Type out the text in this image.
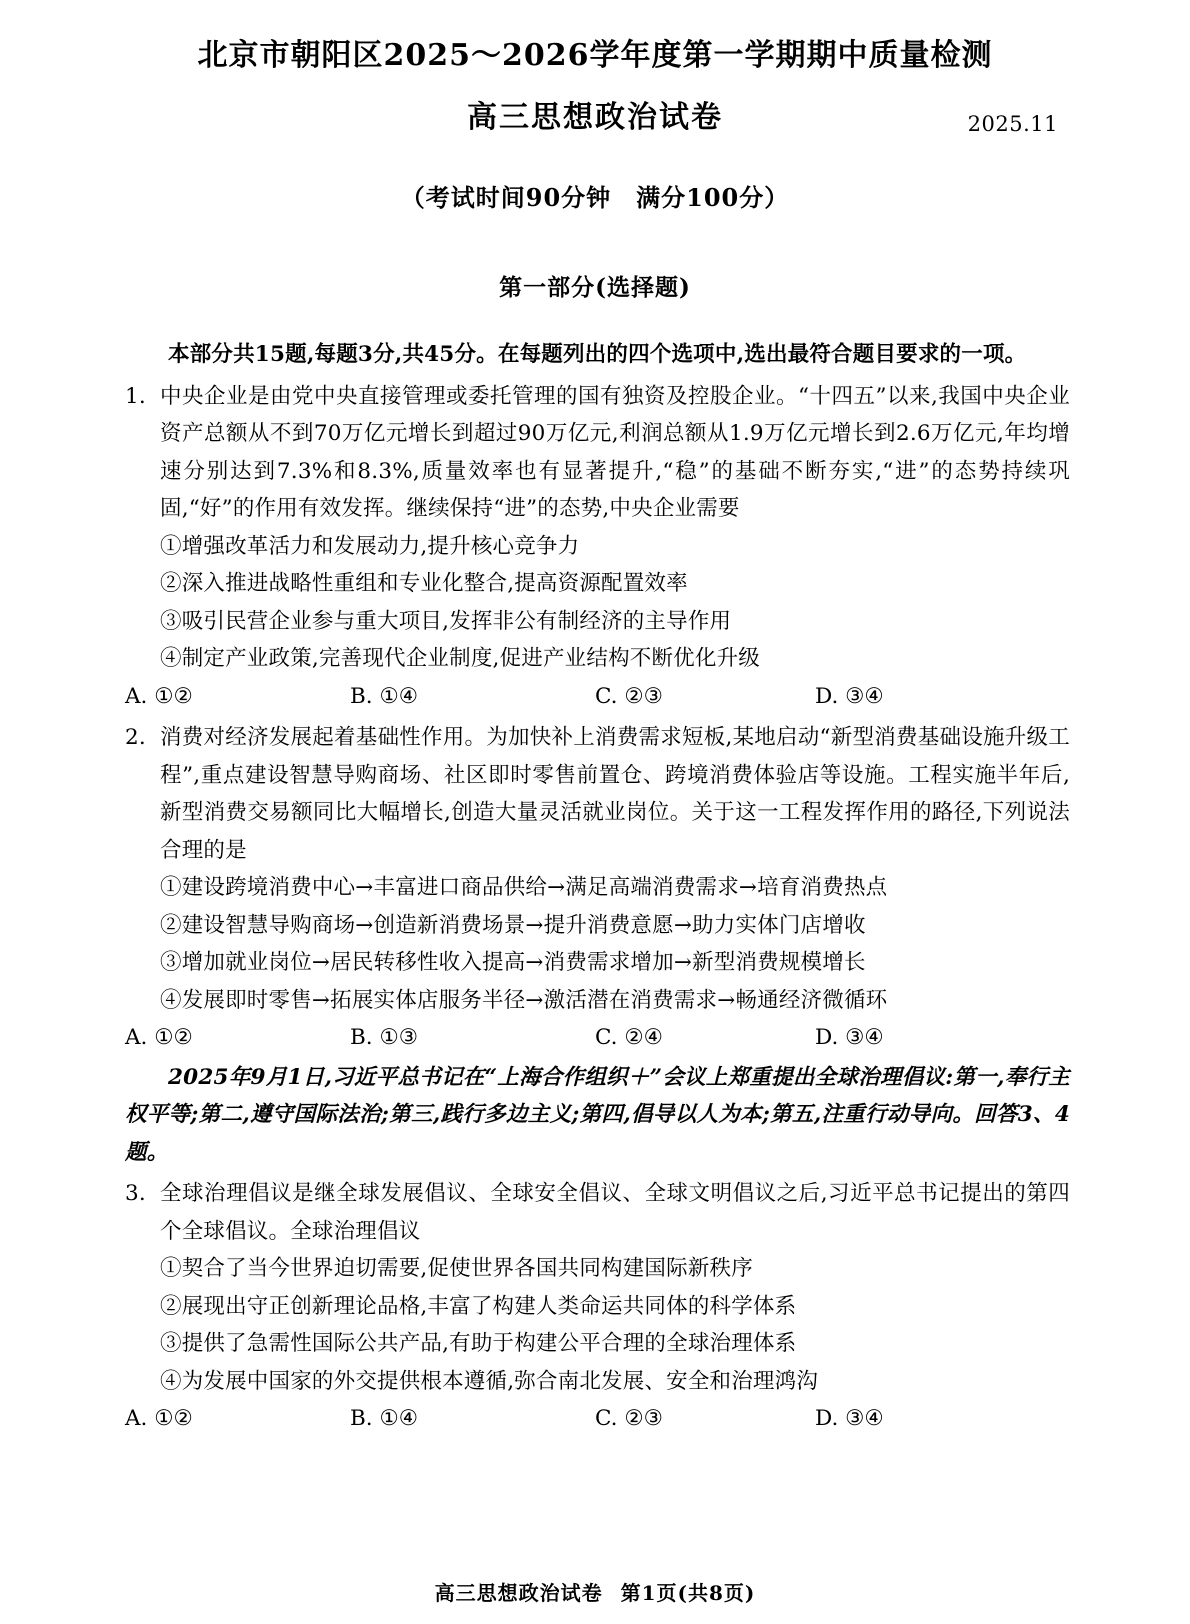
北京市朝阳区2025～2026学年度第一学期期中质量检测
高三思想政治试卷	2025.11
（考试时间90分钟　满分100分）
第一部分(选择题)
本部分共15题,每题3分,共45分。在每题列出的四个选项中,选出最符合题目要求的一项。
1. 中央企业是由党中央直接管理或委托管理的国有独资及控股企业。“十四五”以来,我国中央企业资产总额从不到70万亿元增长到超过90万亿元,利润总额从1.9万亿元增长到2.6万亿元,年均增速分别达到7.3%和8.3%,质量效率也有显著提升,“稳”的基础不断夯实,“进”的态势持续巩固,“好”的作用有效发挥。继续保持“进”的态势,中央企业需要
①增强改革活力和发展动力,提升核心竞争力
②深入推进战略性重组和专业化整合,提高资源配置效率
③吸引民营企业参与重大项目,发挥非公有制经济的主导作用
④制定产业政策,完善现代企业制度,促进产业结构不断优化升级
A. ①②	B. ①④	C. ②③	D. ③④
2. 消费对经济发展起着基础性作用。为加快补上消费需求短板,某地启动“新型消费基础设施升级工程”,重点建设智慧导购商场、社区即时零售前置仓、跨境消费体验店等设施。工程实施半年后,新型消费交易额同比大幅增长,创造大量灵活就业岗位。关于这一工程发挥作用的路径,下列说法合理的是
①建设跨境消费中心→丰富进口商品供给→满足高端消费需求→培育消费热点
②建设智慧导购商场→创造新消费场景→提升消费意愿→助力实体门店增收
③增加就业岗位→居民转移性收入提高→消费需求增加→新型消费规模增长
④发展即时零售→拓展实体店服务半径→激活潜在消费需求→畅通经济微循环
A. ①②	B. ①③	C. ②④	D. ③④
2025年9月1日,习近平总书记在“上海合作组织＋”会议上郑重提出全球治理倡议:第一,奉行主权平等;第二,遵守国际法治;第三,践行多边主义;第四,倡导以人为本;第五,注重行动导向。回答3、4题。
3. 全球治理倡议是继全球发展倡议、全球安全倡议、全球文明倡议之后,习近平总书记提出的第四个全球倡议。全球治理倡议
①契合了当今世界迫切需要,促使世界各国共同构建国际新秩序
②展现出守正创新理论品格,丰富了构建人类命运共同体的科学体系
③提供了急需性国际公共产品,有助于构建公平合理的全球治理体系
④为发展中国家的外交提供根本遵循,弥合南北发展、安全和治理鸿沟
A. ①②	B. ①④	C. ②③	D. ③④
高三思想政治试卷 第1页(共8页)
